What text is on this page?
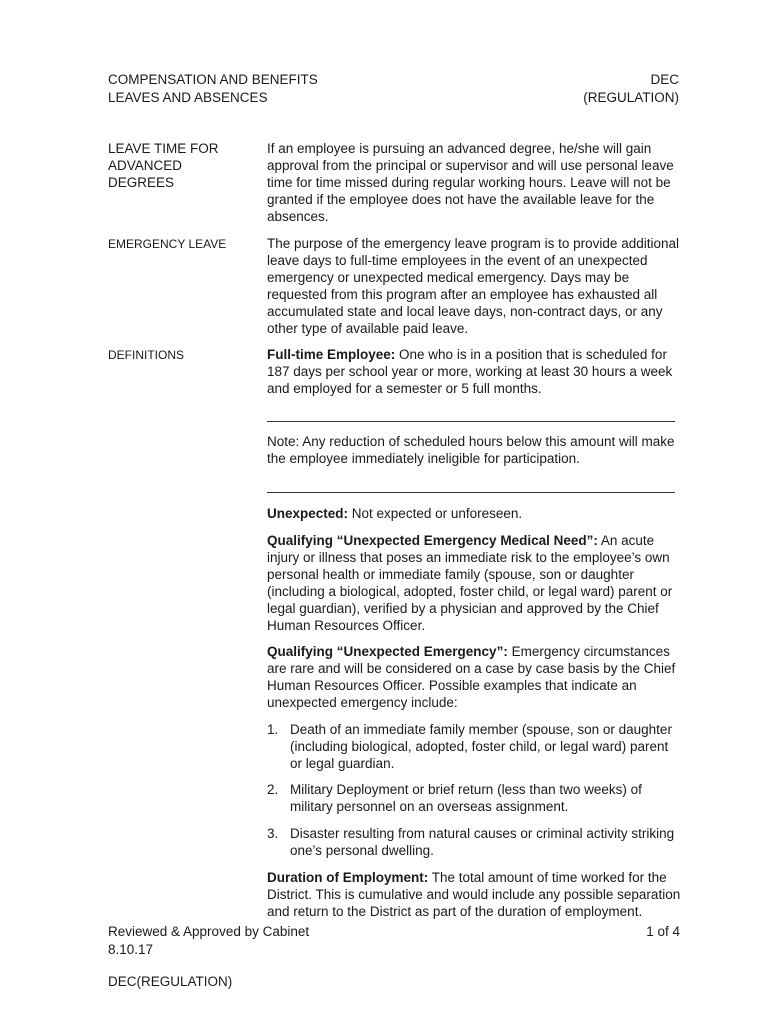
COMPENSATION AND BENEFITS
LEAVES AND ABSENCES
DEC
(REGULATION)
LEAVE TIME FOR ADVANCED DEGREES
If an employee is pursuing an advanced degree, he/she will gain approval from the principal or supervisor and will use personal leave time for time missed during regular working hours. Leave will not be granted if the employee does not have the available leave for the absences.
EMERGENCY LEAVE	The purpose of the emergency leave program is to provide additional leave days to full-time employees in the event of an unexpected emergency or unexpected medical emergency. Days may be requested from this program after an employee has exhausted all accumulated state and local leave days, non-contract days, or any other type of available paid leave.
DEFINITIONS	Full-time Employee: One who is in a position that is scheduled for 187 days per school year or more, working at least 30 hours a week and employed for a semester or 5 full months.
Note: Any reduction of scheduled hours below this amount will make the employee immediately ineligible for participation.
Unexpected: Not expected or unforeseen.
Qualifying “Unexpected Emergency Medical Need”: An acute injury or illness that poses an immediate risk to the employee’s own personal health or immediate family (spouse, son or daughter (including a biological, adopted, foster child, or legal ward) parent or legal guardian), verified by a physician and approved by the Chief Human Resources Officer.
Qualifying “Unexpected Emergency”: Emergency circumstances are rare and will be considered on a case by case basis by the Chief Human Resources Officer. Possible examples that indicate an unexpected emergency include:
1. Death of an immediate family member (spouse, son or daughter (including biological, adopted, foster child, or legal ward) parent or legal guardian.
2. Military Deployment or brief return (less than two weeks) of military personnel on an overseas assignment.
3. Disaster resulting from natural causes or criminal activity striking one’s personal dwelling.
Duration of Employment: The total amount of time worked for the District. This is cumulative and would include any possible separation and return to the District as part of the duration of employment.
Reviewed & Approved by Cabinet
8.10.17
1 of 4
DEC(REGULATION)
